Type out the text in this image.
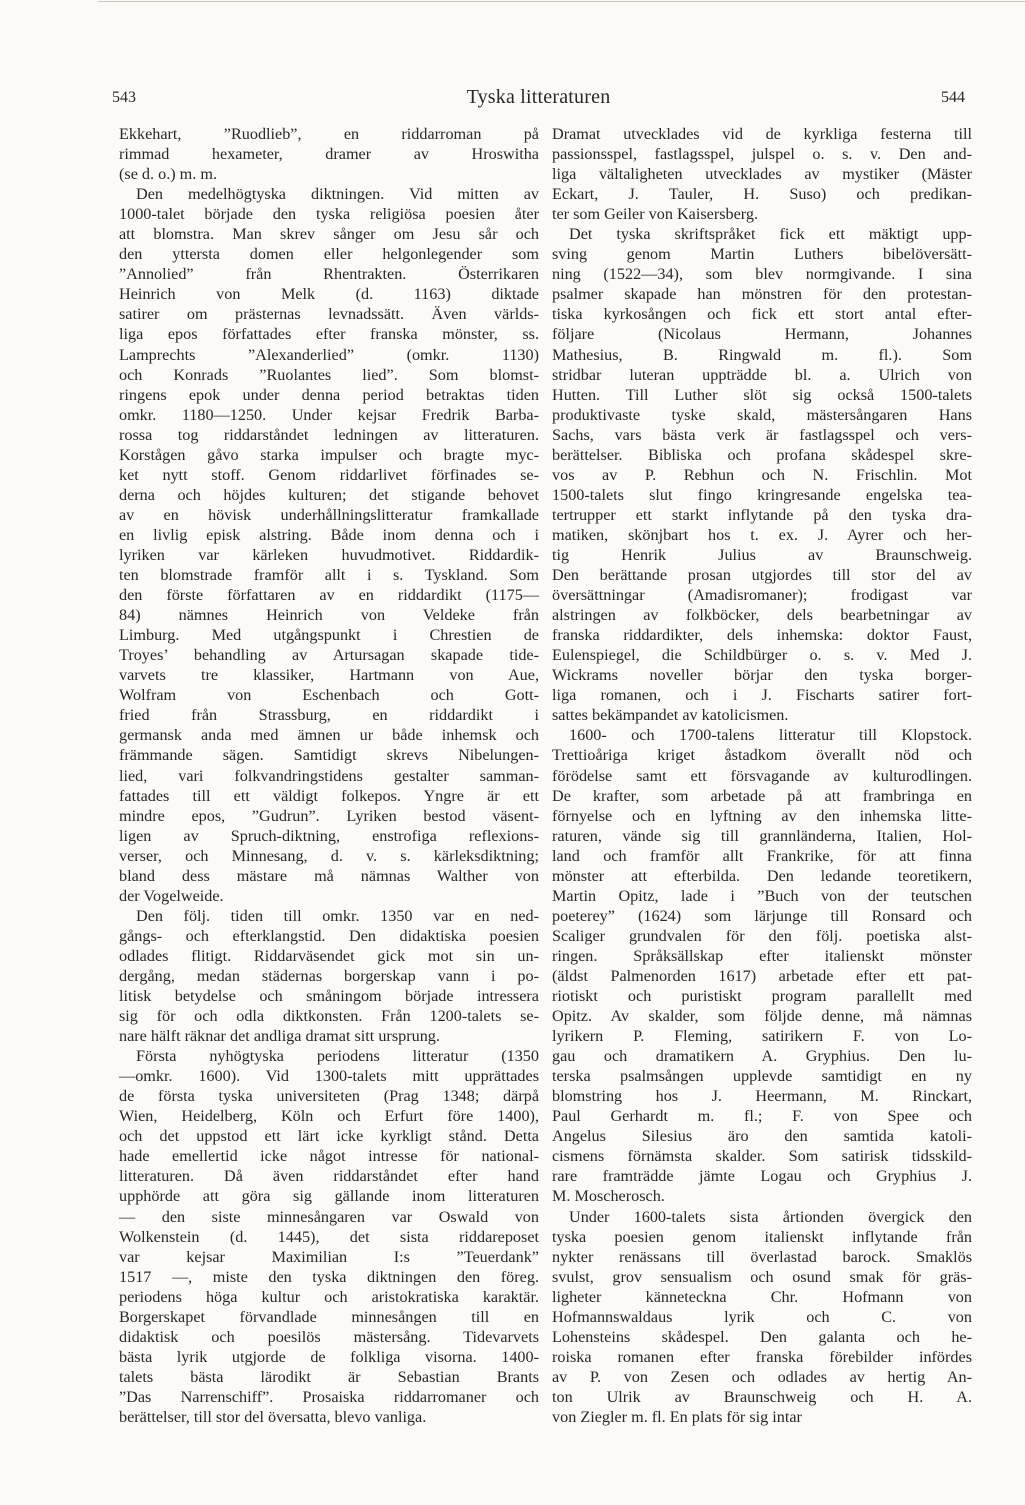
543	Tyska litteraturen	544
Ekkehart, ”Ruodlieb”, en riddarroman på
rimmad hexameter, dramer av Hroswitha
(se d. o.) m. m.
Den medelhögtyska diktningen. Vid mitten av
1000-talet började den tyska religiösa poesien åter
att blomstra. Man skrev sånger om Jesu sår och
den yttersta domen eller helgonlegender som
”Annolied” från Rhentrakten. Österrikaren
Heinrich von Melk (d. 1163) diktade
satirer om prästernas levnadssätt. Även världs-
liga epos författades efter franska mönster, ss.
Lamprechts ”Alexanderlied” (omkr. 1130)
och Konrads ”Ruolantes lied”. Som blomst-
ringens epok under denna period betraktas tiden
omkr. 1180—1250. Under kejsar Fredrik Barba-
rossa tog riddarståndet ledningen av litteraturen.
Korstågen gåvo starka impulser och bragte myc-
ket nytt stoff. Genom riddarlivet förfinades se-
derna och höjdes kulturen; det stigande behovet
av en hövisk underhållningslitteratur framkallade
en livlig episk alstring. Både inom denna och i
lyriken var kärleken huvudmotivet. Riddardik-
ten blomstrade framför allt i s. Tyskland. Som
den förste författaren av en riddardikt (1175—
84) nämnes Heinrich von Veldeke från
Limburg. Med utgångspunkt i Chrestien de
Troyes’ behandling av Artursagan skapade tide-
varvets tre klassiker, Hartmann von Aue,
Wolfram von Eschenbach och Gott-
fried från Strassburg, en riddardikt i
germansk anda med ämnen ur både inhemsk och
främmande sägen. Samtidigt skrevs Nibelungen-
lied, vari folkvandringstidens gestalter samman-
fattades till ett väldigt folkepos. Yngre är ett
mindre epos, ”Gudrun”. Lyriken bestod väsent-
ligen av Spruch-diktning, enstrofiga reflexions-
verser, och Minnesang, d. v. s. kärleksdiktning;
bland dess mästare må nämnas Walther von
der Vogelweide.
Den följ. tiden till omkr. 1350 var en ned-
gångs- och efterklangstid. Den didaktiska poesien
odlades flitigt. Riddarväsendet gick mot sin un-
dergång, medan städernas borgerskap vann i po-
litisk betydelse och småningom började intressera
sig för och odla diktkonsten. Från 1200-talets se-
nare hälft räknar det andliga dramat sitt ursprung.
Första nyhögtyska periodens litteratur (1350
—omkr. 1600). Vid 1300-talets mitt upprättades
de första tyska universiteten (Prag 1348; därpå
Wien, Heidelberg, Köln och Erfurt före 1400),
och det uppstod ett lärt icke kyrkligt stånd. Detta
hade emellertid icke något intresse för national-
litteraturen. Då även riddarståndet efter hand
upphörde att göra sig gällande inom litteraturen
— den siste minnesångaren var Oswald von
Wolkenstein (d. 1445), det sista riddareposet
var kejsar Maximilian I:s ”Teuerdank”
1517 —, miste den tyska diktningen den föreg.
periodens höga kultur och aristokratiska karaktär.
Borgerskapet förvandlade minnesången till en
didaktisk och poesilös mästersång. Tidevarvets
bästa lyrik utgjorde de folkliga visorna. 1400-
talets bästa lärodikt är Sebastian Brants
”Das Narrenschiff”. Prosaiska riddarromaner och
berättelser, till stor del översatta, blevo vanliga.
Dramat utvecklades vid de kyrkliga festerna till
passionsspel, fastlagsspel, julspel o. s. v. Den and-
liga vältaligheten utvecklades av mystiker (Mäster
Eckart, J. Tauler, H. Suso) och predikan-
ter som Geiler von Kaisersberg.
Det tyska skriftspråket fick ett mäktigt upp-
sving genom Martin Luthers bibelöversätt-
ning (1522—34), som blev normgivande. I sina
psalmer skapade han mönstren för den protestan-
tiska kyrkosången och fick ett stort antal efter-
följare (Nicolaus Hermann, Johannes
Mathesius, B. Ringwald m. fl.). Som
stridbar luteran uppträdde bl. a. Ulrich von
Hutten. Till Luther slöt sig också 1500-talets
produktivaste tyske skald, mästersångaren Hans
Sachs, vars bästa verk är fastlagsspel och vers-
berättelser. Bibliska och profana skådespel skre-
vos av P. Rebhun och N. Frischlin. Mot
1500-talets slut fingo kringresande engelska tea-
tertrupper ett starkt inflytande på den tyska dra-
matiken, skönjbart hos t. ex. J. Ayrer och her-
tig Henrik Julius av Braunschweig.
Den berättande prosan utgjordes till stor del av
översättningar (Amadisromaner); frodigast var
alstringen av folkböcker, dels bearbetningar av
franska riddardikter, dels inhemska: doktor Faust,
Eulenspiegel, die Schildbürger o. s. v. Med J.
Wickrams noveller börjar den tyska borger-
liga romanen, och i J. Fischarts satirer fort-
sattes bekämpandet av katolicismen.
1600- och 1700-talens litteratur till Klopstock.
Trettioåriga kriget åstadkom överallt nöd och
förödelse samt ett försvagande av kulturodlingen.
De krafter, som arbetade på att frambringa en
förnyelse och en lyftning av den inhemska litte-
raturen, vände sig till grannländerna, Italien, Hol-
land och framför allt Frankrike, för att finna
mönster att efterbilda. Den ledande teoretikern,
Martin Opitz, lade i ”Buch von der teutschen
poeterey” (1624) som lärjunge till Ronsard och
Scaliger grundvalen för den följ. poetiska alst-
ringen. Språksällskap efter italienskt mönster
(äldst Palmenorden 1617) arbetade efter ett pat-
riotiskt och puristiskt program parallellt med
Opitz. Av skalder, som följde denne, må nämnas
lyrikern P. Fleming, satirikern F. von Lo-
gau och dramatikern A. Gryphius. Den lu-
terska psalmsången upplevde samtidigt en ny
blomstring hos J. Heermann, M. Rinckart,
Paul Gerhardt m. fl.; F. von Spee och
Angelus Silesius äro den samtida katoli-
cismens förnämsta skalder. Som satirisk tidsskild-
rare framträdde jämte Logau och Gryphius J.
M. Moscherosch.
Under 1600-talets sista årtionden övergick den
tyska poesien genom italienskt inflytande från
nykter renässans till överlastad barock. Smaklös
svulst, grov sensualism och osund smak för gräs-
ligheter känneteckna Chr. Hofmann von
Hofmannswaldaus lyrik och C. von
Lohensteins skådespel. Den galanta och he-
roiska romanen efter franska förebilder infördes
av P. von Zesen och odlades av hertig An-
ton Ulrik av Braunschweig och H. A.
von Ziegler m. fl. En plats för sig intar
